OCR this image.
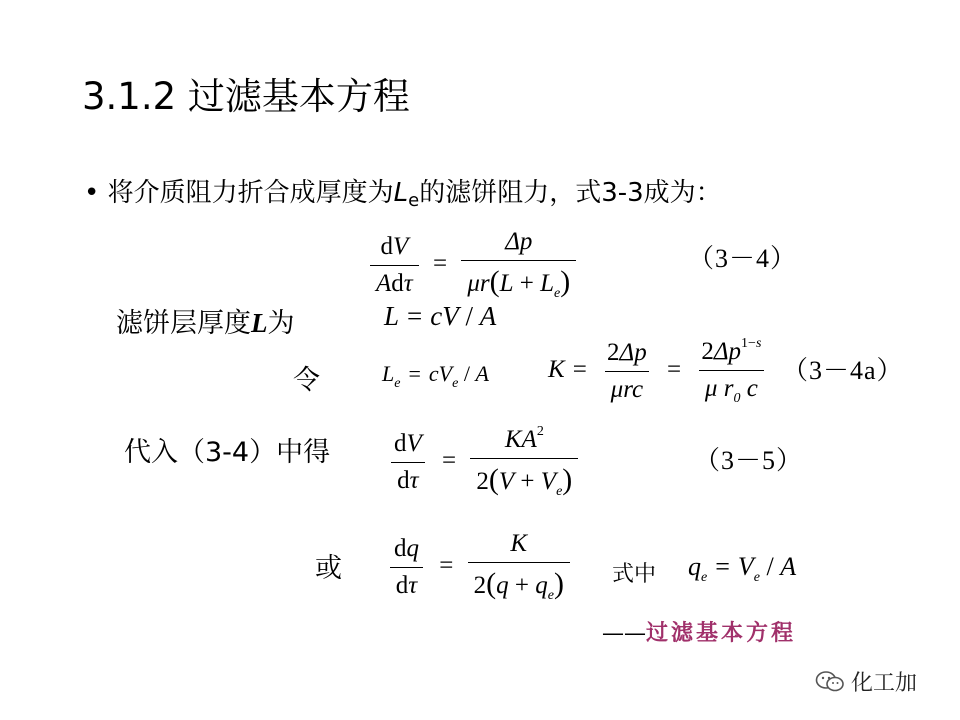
3.1.2 过滤基本方程
• 将介质阻力折合成厚度为$L_e$的滤饼阻力，式3-3成为：
$\frac{dV}{\text{Adτ}} = \frac{\Delta p}{\mu r(L + L_e)}$	（3－4）
滤饼层厚度L为	L = cV / A
令	$L_e = cV_e / A$ $K = \frac{2\Delta p}{\text{μrc}} = \frac{2\Delta p^{1-s}}{\mu r_0 c} (3-4a)$
代入（3-4）中得 $\frac{dV}{d\tau} = \frac{KA^2}{2(V + V_e)}$	（3－5）
或 $\frac{dq}{d\tau} = \frac{K}{2(q + q_e)}$ 式中 $q_e = V_e / A$
——过滤基本方程
化工加
